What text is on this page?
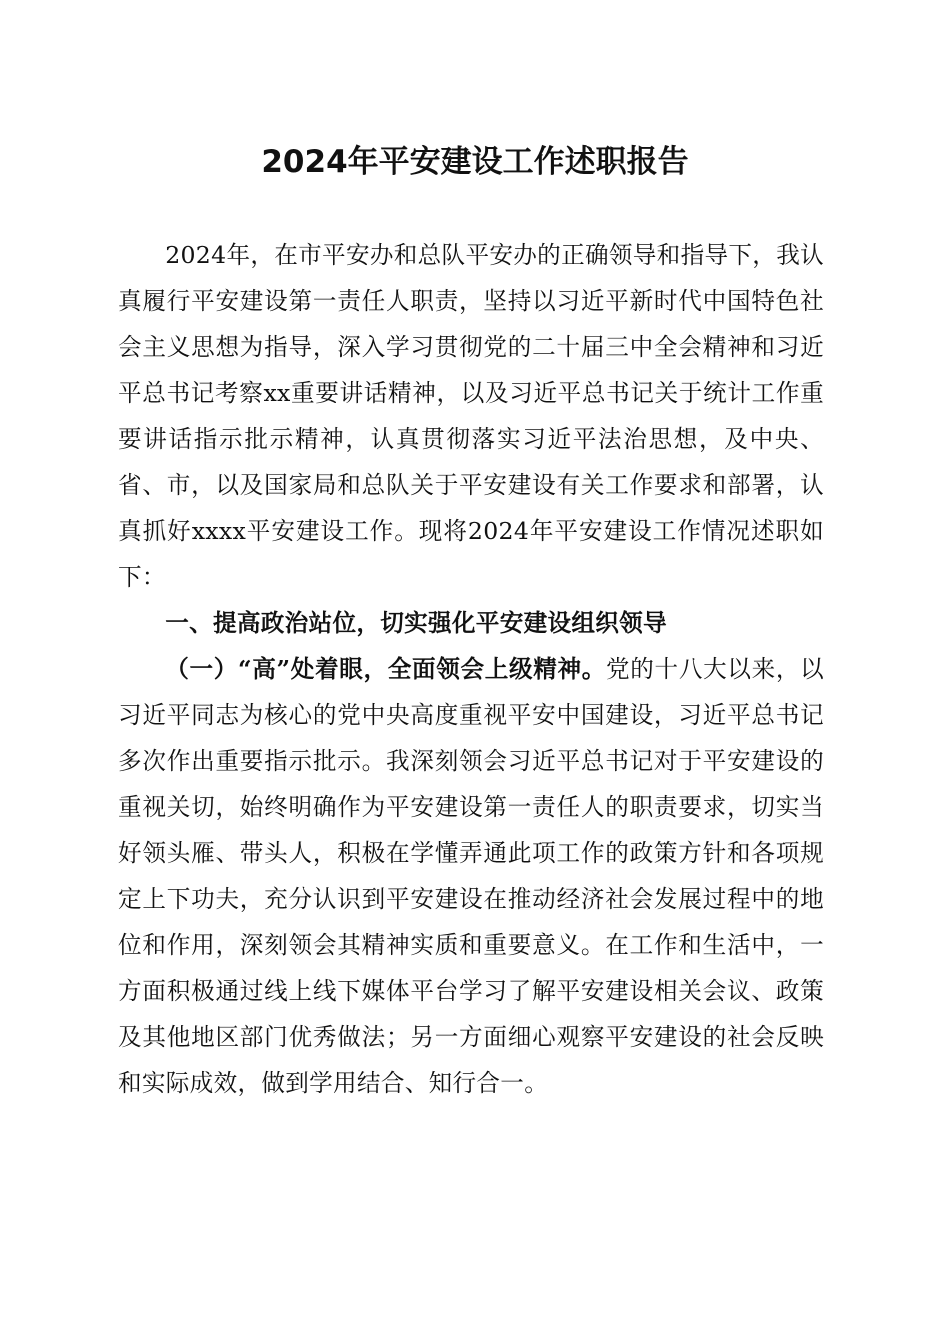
2024年平安建设工作述职报告

2024年，在市平安办和总队平安办的正确领导和指导下，我认真履行平安建设第一责任人职责，坚持以习近平新时代中国特色社会主义思想为指导，深入学习贯彻党的二十届三中全会精神和习近平总书记考察xx重要讲话精神，以及习近平总书记关于统计工作重要讲话指示批示精神，认真贯彻落实习近平法治思想，及中央、省、市，以及国家局和总队关于平安建设有关工作要求和部署，认真抓好xxxx平安建设工作。现将2024年平安建设工作情况述职如下：

一、提高政治站位，切实强化平安建设组织领导

（一）“高”处着眼，全面领会上级精神。党的十八大以来，以习近平同志为核心的党中央高度重视平安中国建设，习近平总书记多次作出重要指示批示。我深刻领会习近平总书记对于平安建设的重视关切，始终明确作为平安建设第一责任人的职责要求，切实当好领头雁、带头人，积极在学懂弄通此项工作的政策方针和各项规定上下功夫，充分认识到平安建设在推动经济社会发展过程中的地位和作用，深刻领会其精神实质和重要意义。在工作和生活中，一方面积极通过线上线下媒体平台学习了解平安建设相关会议、政策及其他地区部门优秀做法；另一方面细心观察平安建设的社会反映和实际成效，做到学用结合、知行合一。
